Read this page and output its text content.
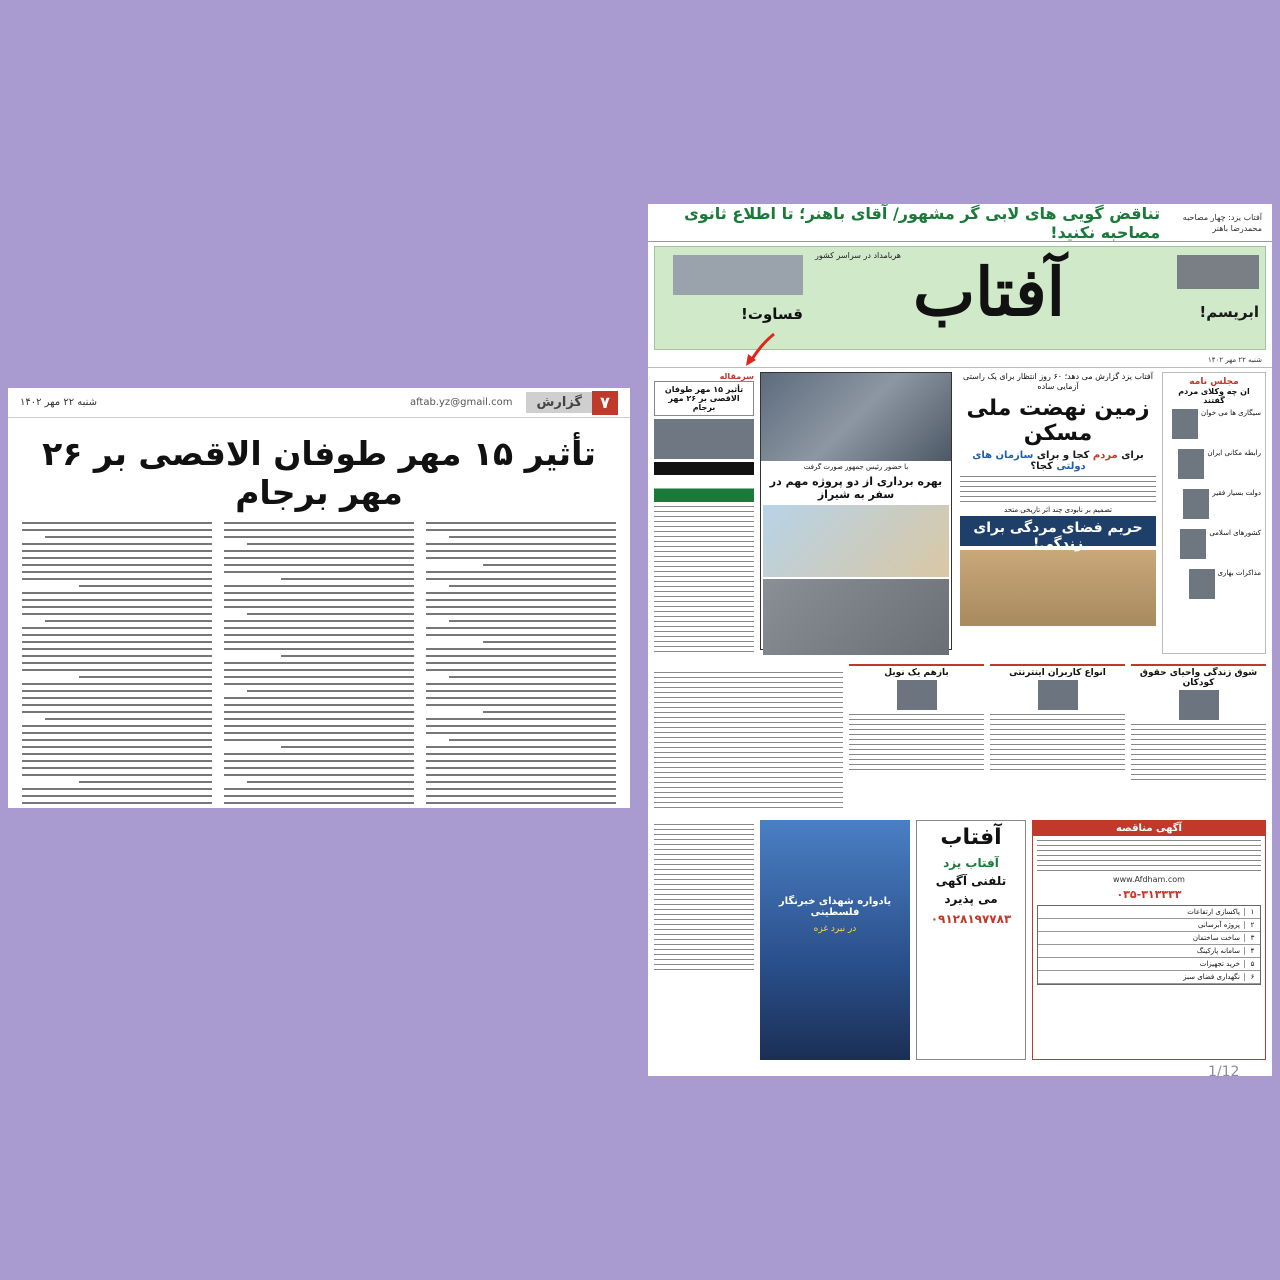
۷
گزارش
aftab.yz@gmail.com
شنبه ۲۲ مهر ۱۴۰۲
تأثیر ۱۵ مهر طوفان الاقصی بر ۲۶ مهر برجام
آفتاب یزد: چهار مصاحبه محمدرضا باهنر
تناقض گویی های لابی گر مشهور/ آقای باهنر؛ تا اطلاع ثانوی مصاحبه نکنید!
ابریسم!
آفتاب
هربامداد در سراسر کشور
قساوت!
شنبه ۲۲ مهر ۱۴۰۲
مجلس نامه
ان چه وکلای مردم گفتند
سیگاری ها می خوان
رابطه مکانی ایران
دولت بسیار فقیر
کشورهای اسلامی
مذاکرات بهاری
آفتاب یزد گزارش می دهد؛ ۶۰ روز انتظار برای یک راستی آزمایی ساده
زمین نهضت ملی مسکن
برای مردم کجا و برای سازمان های دولتی کجا؟
تصمیم بر نابودی چند اثر تاریخی متحد
حریم فضای مردگی برای زندگی!
با حضور رئیس جمهور صورت گرفت
بهره برداری از دو پروژه مهم در سفر به شیراز
سرمقاله
تأثیر ۱۵ مهر طوفان الاقصی بر ۲۶ مهر برجام
شوق زندگی واحیای حقوق کودکان
انواع کاربران اینترنتی
بازهم یک نوبل
آگهی مناقصه
www.Afdham.com
۰۳۵-۳۱۳۳۳۳
۱
پاکسازی ارتفاعات
۲
پروژه آبرسانی
۳
ساخت ساختمان
۴
سامانه پارکینگ
۵
خرید تجهیزات
۶
نگهداری فضای سبز
آفتاب
آفتاب یزد
تلفنی آگهی
می پذیرد
۰۹۱۲۸۱۹۷۷۸۳
یادواره شهدای خبرنگار فلسطینی
در نبرد غزه
1/12
